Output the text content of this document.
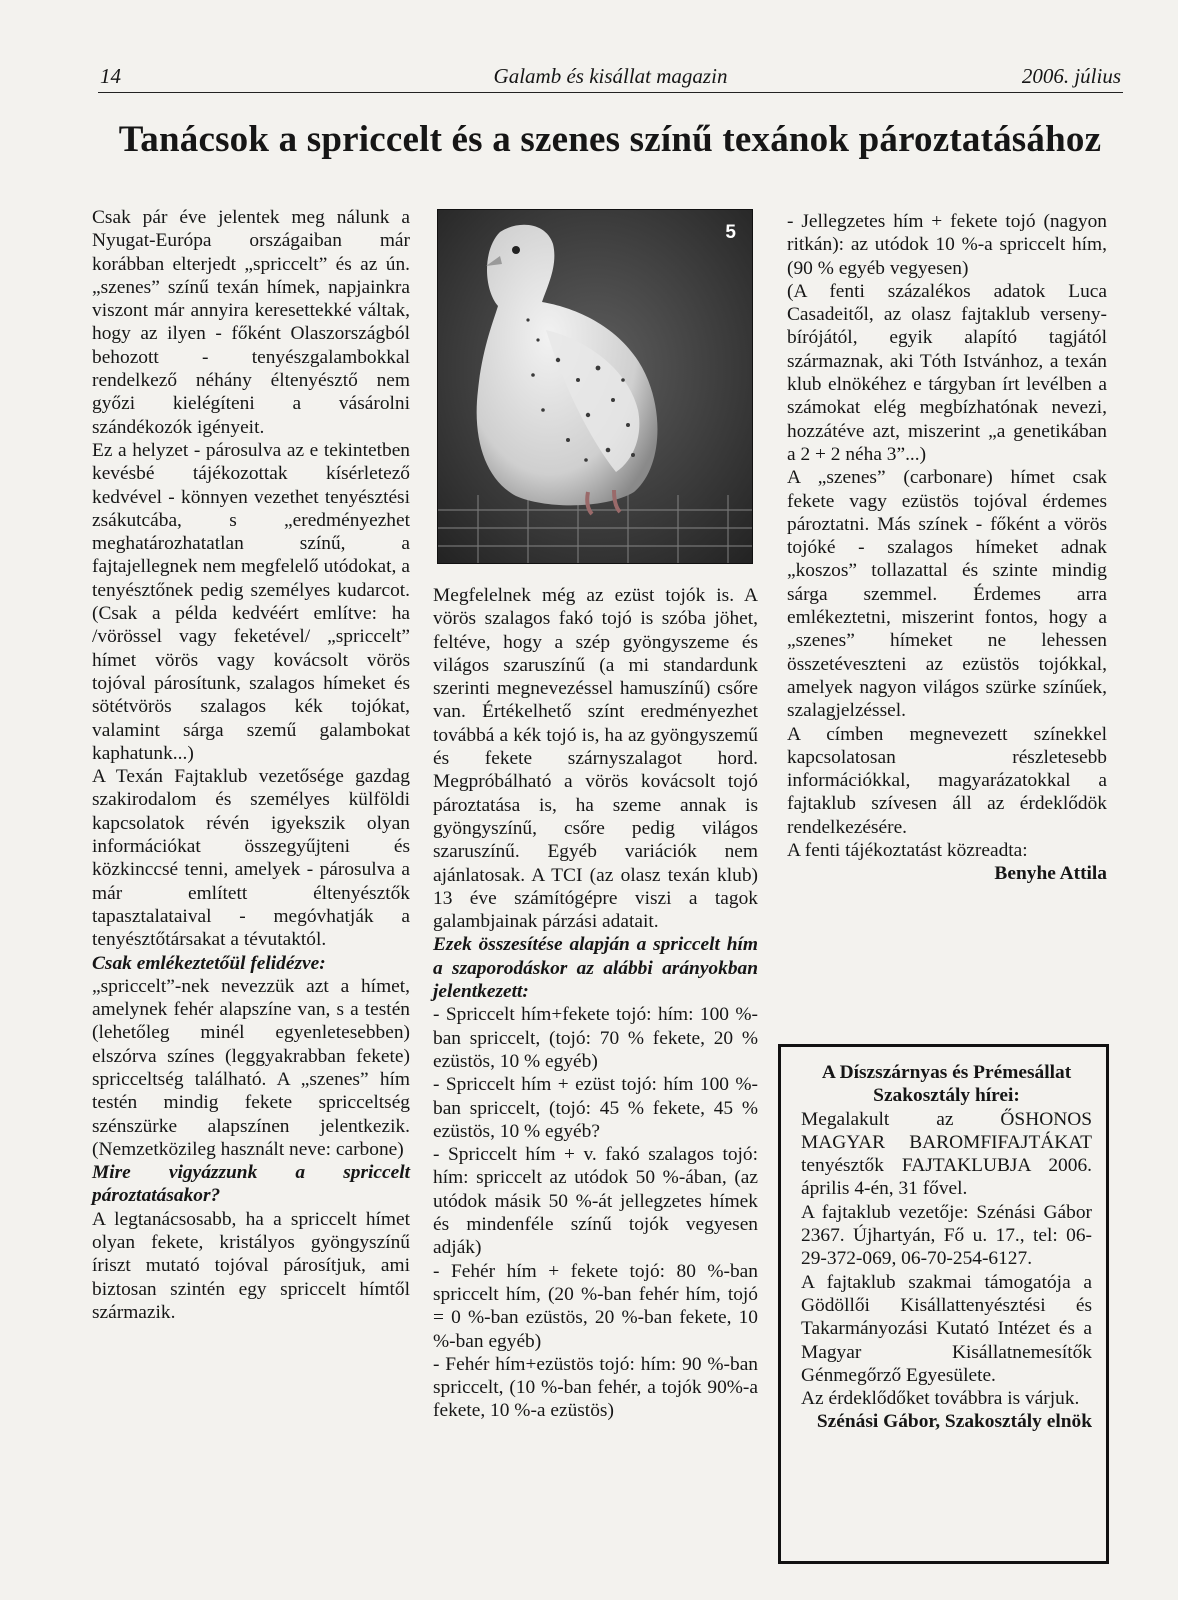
14	Galamb és kisállat magazin	2006. július
Tanácsok a spriccelt és a szenes színű texánok pároztatásához

Csak pár éve jelentek meg nálunk a Nyugat-Európa országaiban már korábban elterjedt „spriccelt” és az ún. „szenes” színű texán hímek, napjainkra viszont már annyira keresettekké váltak, hogy az ilyen - főként Olaszországból behozott - tenyészgalambokkal rendelkező néhány éltenyésztő nem győzi kielégíteni a vásárolni szándékozók igényeit.

Ez a helyzet - párosulva az e tekintetben kevésbé tájékozottak kísérletező kedvével - könnyen vezethet tenyésztési zsákutcába, s „eredményezhet meghatározhatatlan színű, a fajtajellegnek nem megfelelő utódokat, a tenyésztőnek pedig személyes kudarcot. (Csak a példa kedvéért említve: ha /vörössel vagy feketével/ „spriccelt” hímet vörös vagy kovácsolt vörös tojóval párosítunk, szalagos hímeket és sötétvörös szalagos kék tojókat, valamint sárga szemű galambokat kaphatunk...)

A Texán Fajtaklub vezetősége gazdag szakirodalom és személyes külföldi kapcsolatok révén igyekszik olyan információkat összegyűjteni és közkinccsé tenni, amelyek - párosulva a már említett éltenyésztők tapasztalataival - megóvhatják a tenyésztőtársakat a tévutaktól.

Csak emlékeztetőül felidézve:

„spriccelt”-nek nevezzük azt a hímet, amelynek fehér alapszíne van, s a testén (lehetőleg minél egyenletesebben) elszórva színes (leggyakrabban fekete) spricceltség található. A „szenes” hím testén mindig fekete spricceltség szénszürke alapszínen jelentkezik. (Nemzetközileg használt neve: carbone)

Mire vigyázzunk a spriccelt pároztatásakor?

A legtanácsosabb, ha a spriccelt hímet olyan fekete, kristályos gyöngyszínű íriszt mutató tojóval párosítjuk, ami biztosan szintén egy spriccelt hímtől származik.

5

Megfelelnek még az ezüst tojók is. A vörös szalagos fakó tojó is szóba jöhet, feltéve, hogy a szép gyöngyszeme és világos szaruszínű (a mi standardunk szerinti megnevezéssel hamuszínű) csőre van. Értékelhető színt eredményezhet továbbá a kék tojó is, ha az gyöngyszemű és fekete szárnyszalagot hord. Megpróbálható a vörös kovácsolt tojó pároztatása is, ha szeme annak is gyöngyszínű, csőre pedig világos szaruszínű. Egyéb variációk nem ajánlatosak. A TCI (az olasz texán klub) 13 éve számítógépre viszi a tagok galambjainak párzási adatait.

Ezek összesítése alapján a spriccelt hím a szaporodáskor az alábbi arányokban jelentkezett:

- Spriccelt hím+fekete tojó: hím: 100 %-ban spriccelt, (tojó: 70 % fekete, 20 % ezüstös, 10 % egyéb)

- Spriccelt hím + ezüst tojó: hím 100 %-ban spriccelt, (tojó: 45 % fekete, 45 % ezüstös, 10 % egyéb?

- Spriccelt hím + v. fakó szalagos tojó: hím: spriccelt az utódok 50 %-ában, (az utódok másik 50 %-át jellegzetes hímek és mindenféle színű tojók vegyesen adják)

- Fehér hím + fekete tojó: 80 %-ban spriccelt hím, (20 %-ban fehér hím, tojó = 0 %-ban ezüstös, 20 %-ban fekete, 10 %-ban egyéb)

- Fehér hím+ezüstös tojó: hím: 90 %-ban spriccelt, (10 %-ban fehér, a tojók 90%-a fekete, 10 %-a ezüstös)

- Jellegzetes hím + fekete tojó (nagyon ritkán): az utódok 10 %-a spriccelt hím, (90 % egyéb vegyesen)

(A fenti százalékos adatok Luca Casadeitől, az olasz fajtaklub verseny-bírójától, egyik alapító tagjától származnak, aki Tóth Istvánhoz, a texán klub elnökéhez e tárgyban írt levélben a számokat elég megbízhatónak nevezi, hozzátéve azt, miszerint „a genetikában a 2 + 2 néha 3”...)

A „szenes” (carbonare) hímet csak fekete vagy ezüstös tojóval érdemes pároztatni. Más színek - főként a vörös tojóké - szalagos hímeket adnak „koszos” tollazattal és szinte mindig sárga szemmel. Érdemes arra emlékeztetni, miszerint fontos, hogy a „szenes” hímeket ne lehessen összetéveszteni az ezüstös tojókkal, amelyek nagyon világos szürke színűek, szalagjelzéssel.

A címben megnevezett színekkel kapcsolatosan részletesebb információkkal, magyarázatokkal a fajtaklub szívesen áll az érdeklődök rendelkezésére.

A fenti tájékoztatást közreadta:

Benyhe Attila

A Díszszárnyas és Prémesállat Szakosztály hírei:

Megalakult az ŐSHONOS MAGYAR BAROMFIFAJTÁKAT tenyésztők FAJTAKLUBJA 2006. április 4-én, 31 fővel.

A fajtaklub vezetője: Szénási Gábor 2367. Újhartyán, Fő u. 17., tel: 06-29-372-069, 06-70-254-6127.

A fajtaklub szakmai támogatója a Gödöllői Kisállattenyésztési és Takarmányozási Kutató Intézet és a Magyar Kisállatnemesítők Génmegőrző Egyesülete.

Az érdeklődőket továbbra is várjuk.

Szénási Gábor, Szakosztály elnök
